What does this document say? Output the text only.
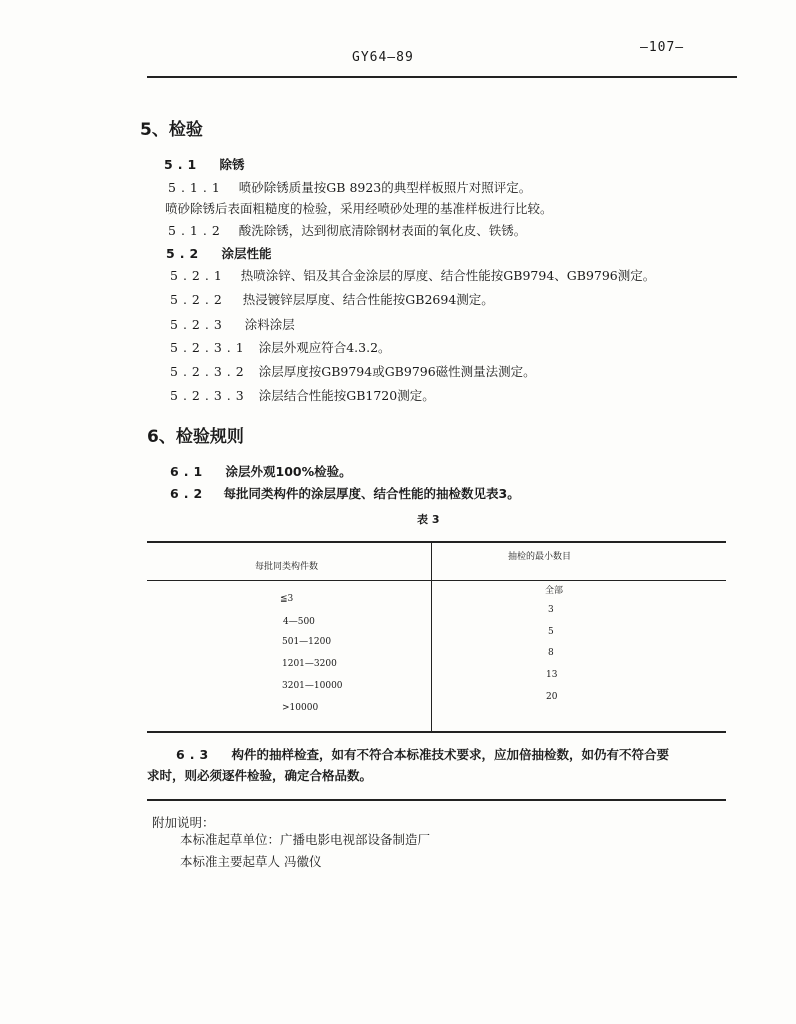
GY64—89
—107—
5、检验
5.1 除锈
5.1.1 喷砂除锈质量按GB 8923的典型样板照片对照评定。
喷砂除锈后表面粗糙度的检验，采用经喷砂处理的基准样板进行比较。
5.1.2 酸洗除锈，达到彻底清除钢材表面的氧化皮、铁锈。
5.2 涂层性能
5.2.1 热喷涂锌、铝及其合金涂层的厚度、结合性能按GB9794、GB9796测定。
5.2.2 热浸镀锌层厚度、结合性能按GB2694测定。
5.2.3 涂料涂层
5.2.3.1 涂层外观应符合4.3.2。
5.2.3.2 涂层厚度按GB9794或GB9796磁性测量法测定。
5.2.3.3 涂层结合性能按GB1720测定。
6、检验规则
6.1 涂层外观100%检验。
6.2 每批同类构件的涂层厚度、结合性能的抽检数见表3。
表 3
每批同类构件数
抽检的最小数目
≦3
4—500
501—1200
1201—3200
3201—10000
>10000
全部
3
5
8
13
20
6.3 构件的抽样检查，如有不符合本标准技术要求，应加倍抽检数，如仍有不符合要
求时，则必须逐件检验，确定合格品数。
附加说明：
本标准起草单位：广播电影电视部设备制造厂
本标准主要起草人 冯徽仪
